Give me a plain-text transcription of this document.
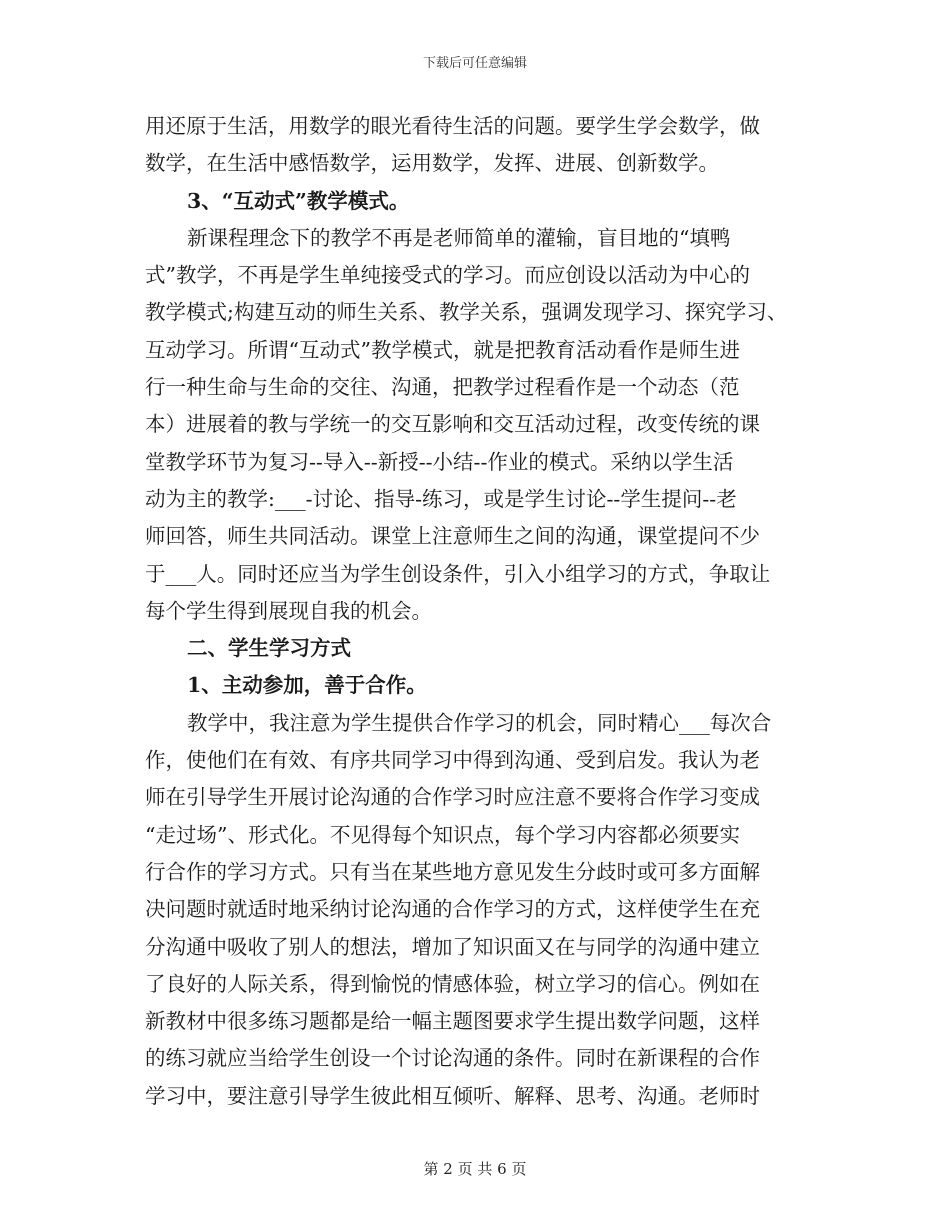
下载后可任意编辑
用还原于生活，用数学的眼光看待生活的问题。要学生学会数学，做
数学，在生活中感悟数学，运用数学，发挥、进展、创新数学。
3、“互动式”教学模式。
新课程理念下的教学不再是老师简单的灌输，盲目地的“填鸭
式”教学，不再是学生单纯接受式的学习。而应创设以活动为中心的
教学模式;构建互动的师生关系、教学关系，强调发现学习、探究学习、
互动学习。所谓“互动式”教学模式，就是把教育活动看作是师生进
行一种生命与生命的交往、沟通，把教学过程看作是一个动态（范
本）进展着的教与学统一的交互影响和交互活动过程，改变传统的课
堂教学环节为复习--导入--新授--小结--作业的模式。采纳以学生活
动为主的教学:___-讨论、指导-练习，或是学生讨论--学生提问--老
师回答，师生共同活动。课堂上注意师生之间的沟通，课堂提问不少
于___人。同时还应当为学生创设条件，引入小组学习的方式，争取让
每个学生得到展现自我的机会。
二、学生学习方式
1、主动参加，善于合作。
教学中，我注意为学生提供合作学习的机会，同时精心___每次合
作，使他们在有效、有序共同学习中得到沟通、受到启发。我认为老
师在引导学生开展讨论沟通的合作学习时应注意不要将合作学习变成
“走过场”、形式化。不见得每个知识点，每个学习内容都必须要实
行合作的学习方式。只有当在某些地方意见发生分歧时或可多方面解
决问题时就适时地采纳讨论沟通的合作学习的方式，这样使学生在充
分沟通中吸收了别人的想法，增加了知识面又在与同学的沟通中建立
了良好的人际关系，得到愉悦的情感体验，树立学习的信心。例如在
新教材中很多练习题都是给一幅主题图要求学生提出数学问题，这样
的练习就应当给学生创设一个讨论沟通的条件。同时在新课程的合作
学习中，要注意引导学生彼此相互倾听、解释、思考、沟通。老师时
第 2 页 共 6 页
